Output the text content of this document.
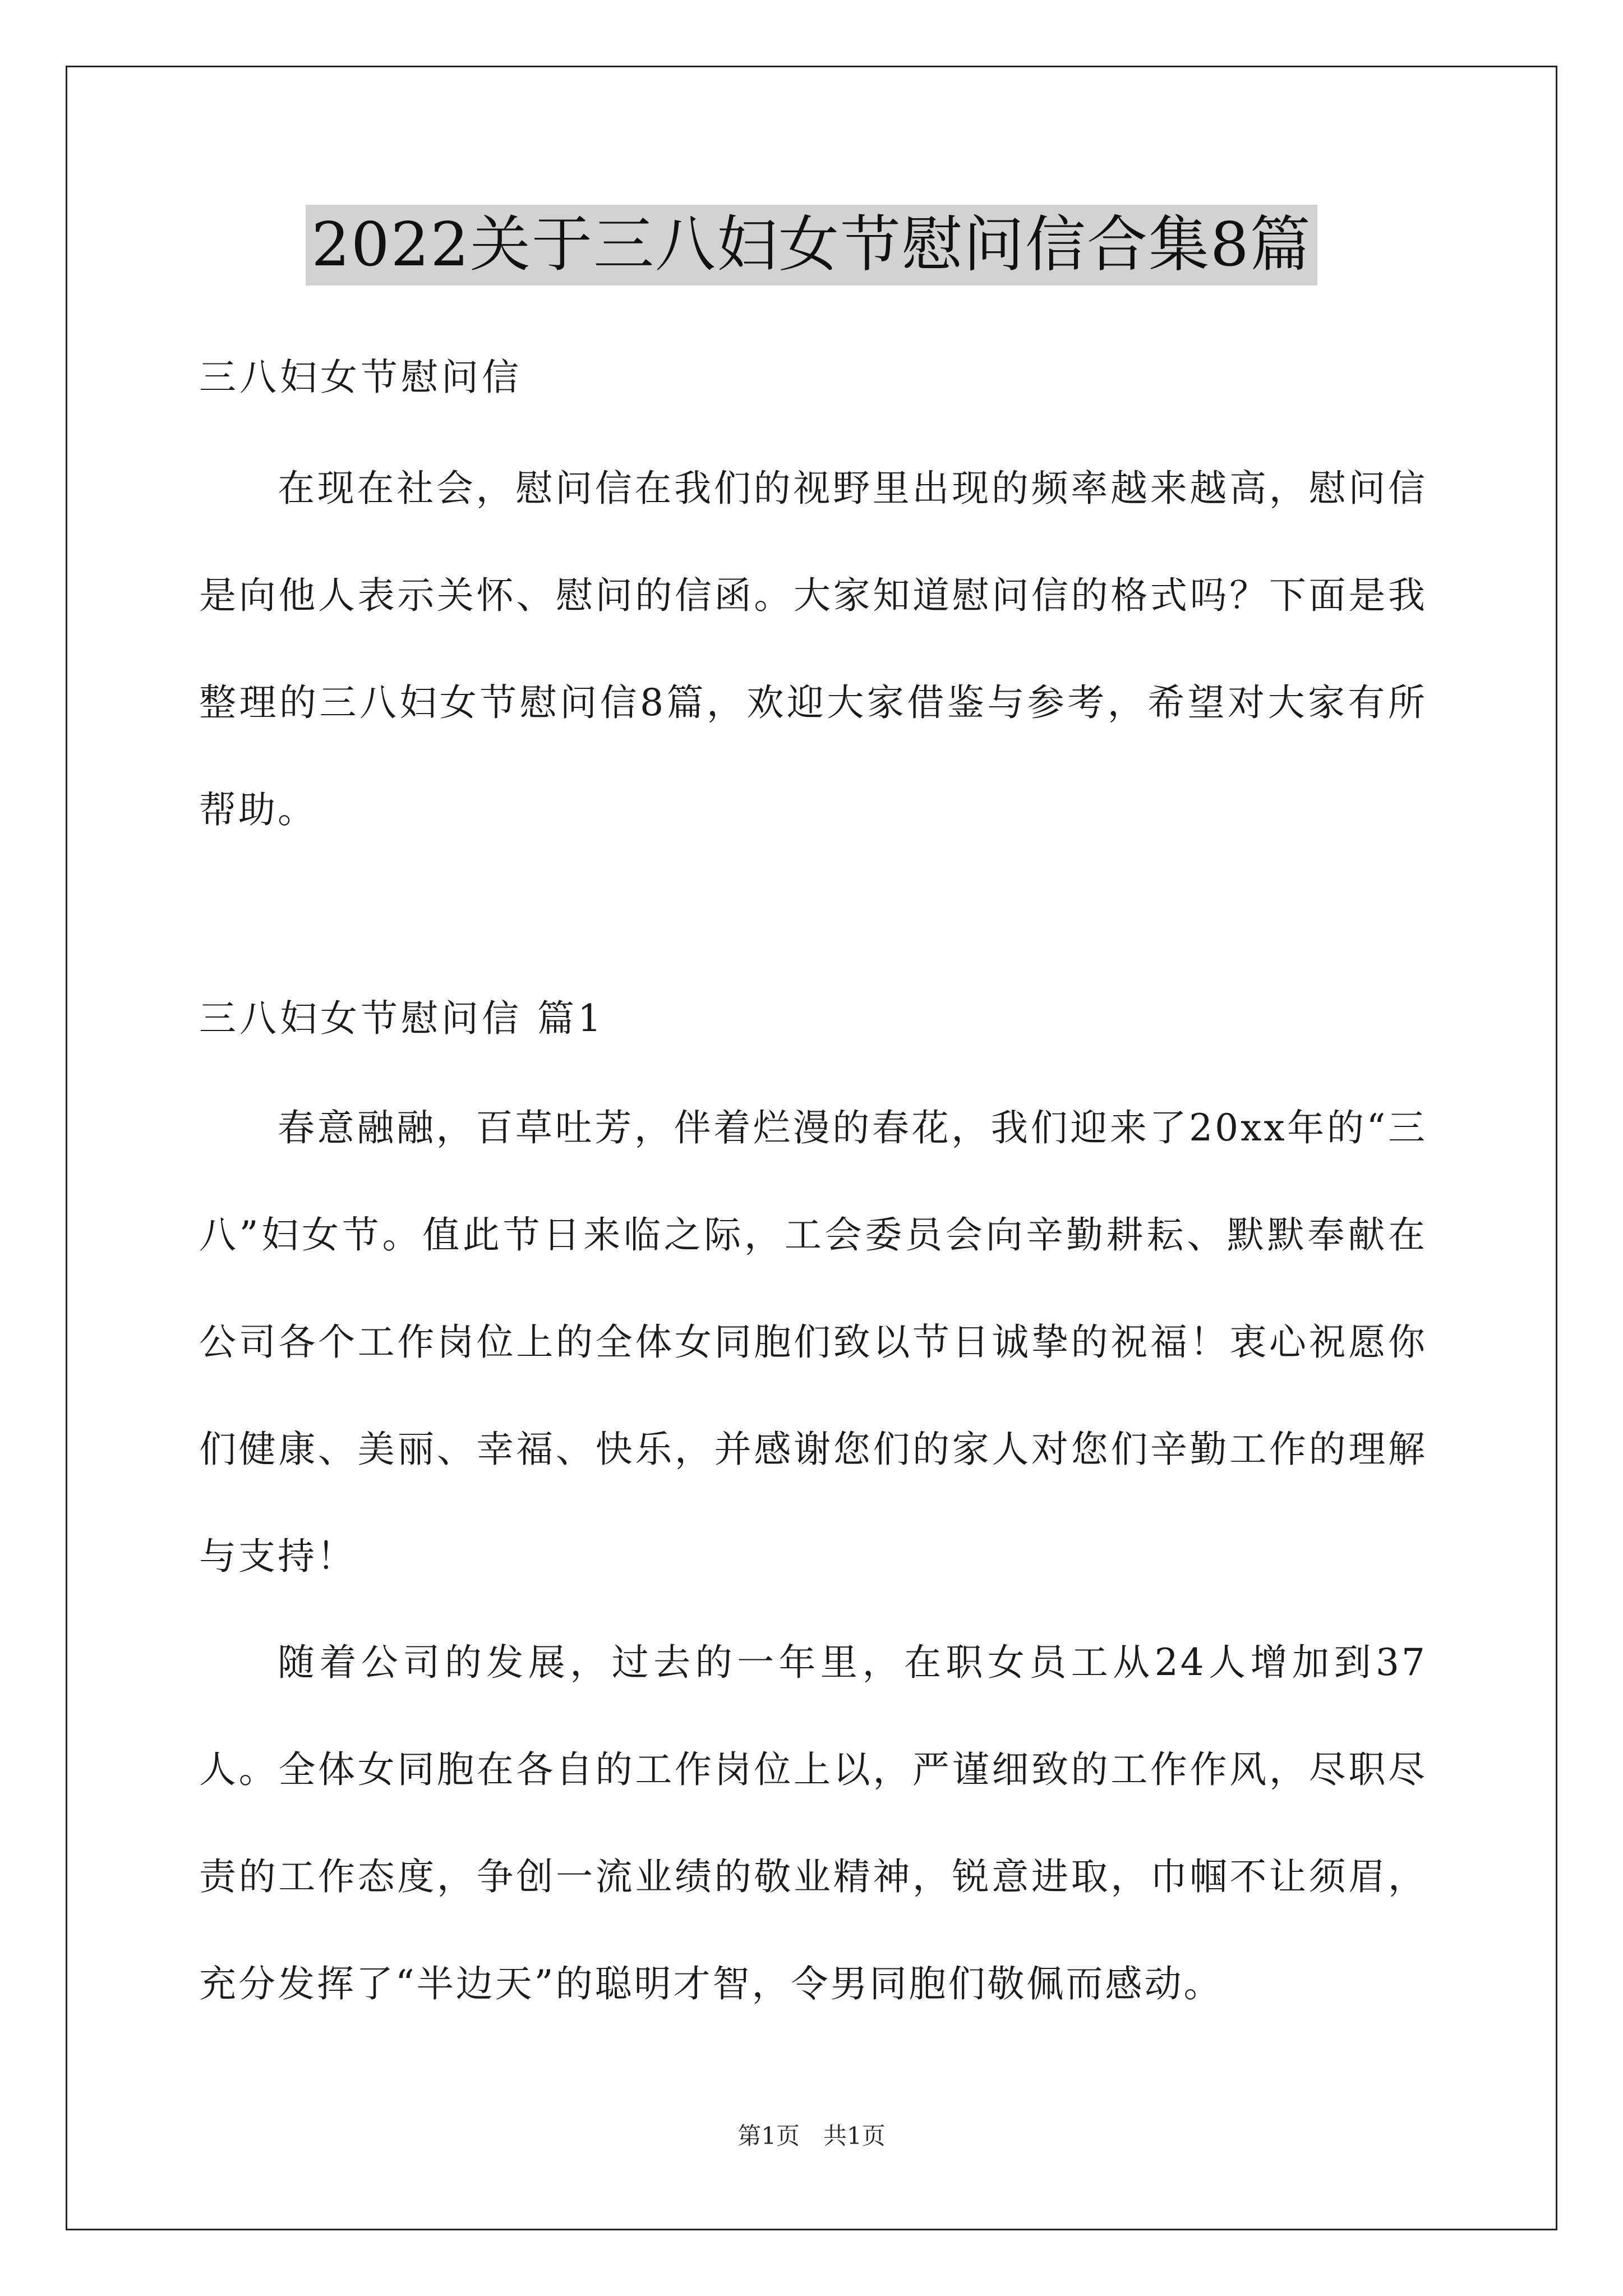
2022关于三八妇女节慰问信合集8篇
三八妇女节慰问信

在现在社会，慰问信在我们的视野里出现的频率越来越高，慰问信是向他人表示关怀、慰问的信函。大家知道慰问信的格式吗？下面是我整理的三八妇女节慰问信8篇，欢迎大家借鉴与参考，希望对大家有所帮助。

三八妇女节慰问信 篇1

春意融融，百草吐芳，伴着烂漫的春花，我们迎来了20xx年的“三八”妇女节。值此节日来临之际，工会委员会向辛勤耕耘、默默奉献在公司各个工作岗位上的全体女同胞们致以节日诚挚的祝福！衷心祝愿你们健康、美丽、幸福、快乐，并感谢您们的家人对您们辛勤工作的理解与支持！

随着公司的发展，过去的一年里，在职女员工从24人增加到37人。全体女同胞在各自的工作岗位上以，严谨细致的工作作风，尽职尽责的工作态度，争创一流业绩的敬业精神，锐意进取，巾帼不让须眉，充分发挥了“半边天”的聪明才智，令男同胞们敬佩而感动。

第1页　共1页
